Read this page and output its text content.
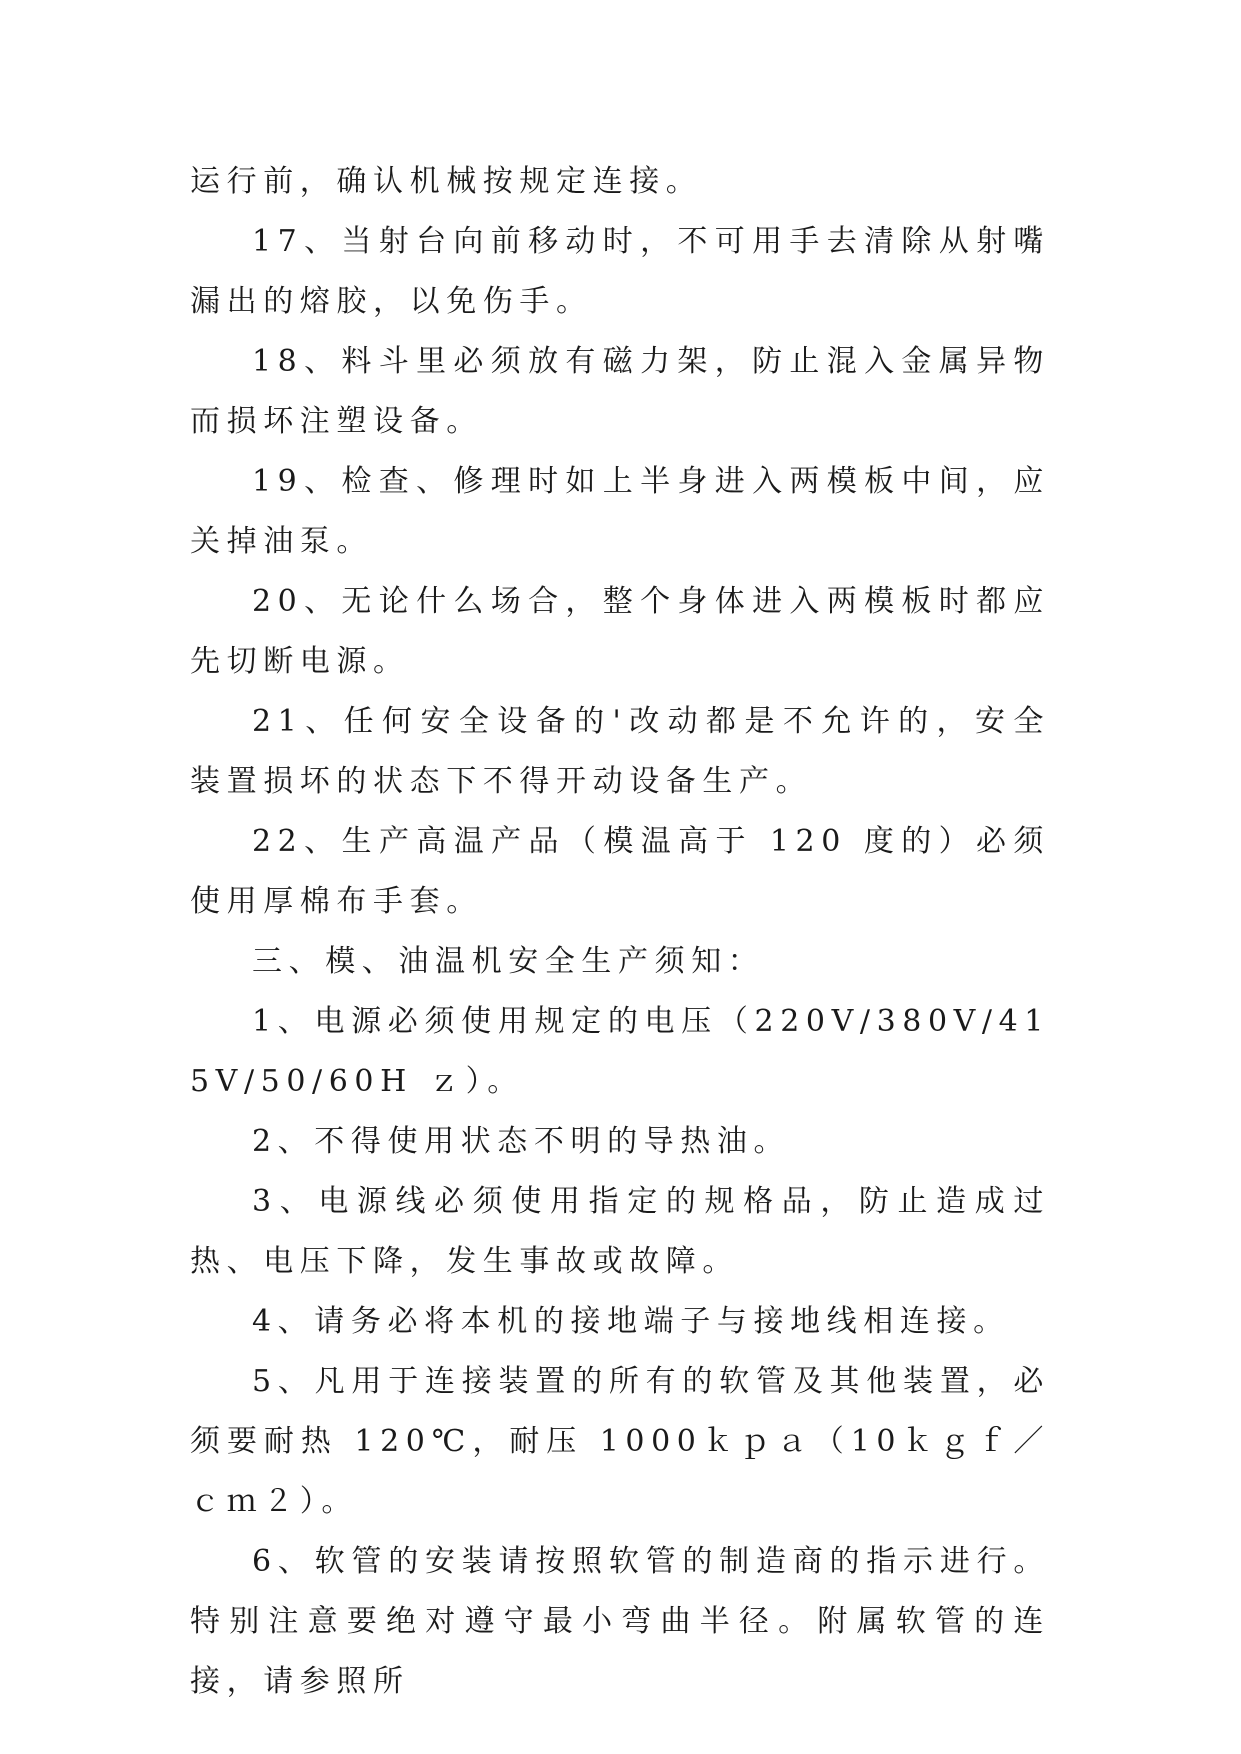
运行前，确认机械按规定连接。

17、当射台向前移动时，不可用手去清除从射嘴漏出的熔胶，以免伤手。

18、料斗里必须放有磁力架，防止混入金属异物而损坏注塑设备。

19、检查、修理时如上半身进入两模板中间，应关掉油泵。

20、无论什么场合，整个身体进入两模板时都应先切断电源。

21、任何安全设备的'改动都是不允许的，安全装置损坏的状态下不得开动设备生产。

22、生产高温产品（模温高于 120 度的）必须使用厚棉布手套。

三、模、油温机安全生产须知：

1、电源必须使用规定的电压（220V/380V/415V/50/60H ｚ）。

2、不得使用状态不明的导热油。

3、电源线必须使用指定的规格品，防止造成过热、电压下降，发生事故或故障。

4、请务必将本机的接地端子与接地线相连接。

5、凡用于连接装置的所有的软管及其他装置，必须要耐热 120℃，耐压 1000ｋｐａ（10ｋｇｆ／ｃｍ２）。

6、软管的安装请按照软管的制造商的指示进行。特别注意要绝对遵守最小弯曲半径。附属软管的连接，请参照所
